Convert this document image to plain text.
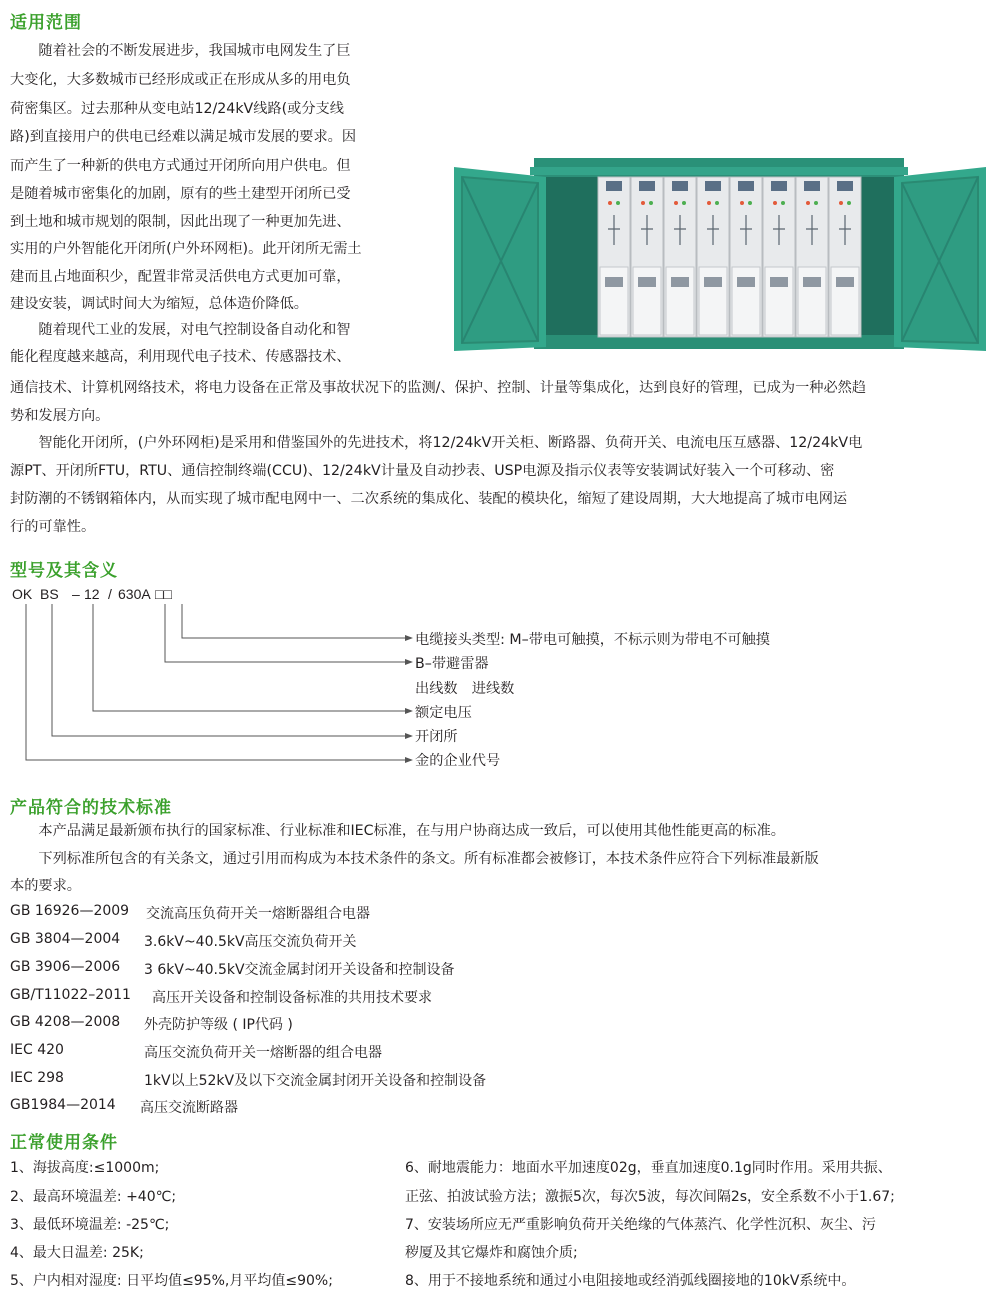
适用范围
　　随着社会的不断发展进步，我国城市电网发生了巨
大变化，大多数城市已经形成或正在形成从多的用电负
荷密集区。过去那种从变电站12/24kV线路(或分支线
路)到直接用户的供电已经难以满足城市发展的要求。因
而产生了一种新的供电方式通过开闭所向用户供电。但
是随着城市密集化的加剧，原有的些土建型开闭所已受
到土地和城市规划的限制，因此出现了一种更加先进、
实用的户外智能化开闭所(户外环网柜)。此开闭所无需土
建而且占地面积少，配置非常灵活供电方式更加可靠，
建设安装，调试时间大为缩短，总体造价降低。
　　随着现代工业的发展，对电气控制设备自动化和智
能化程度越来越高，利用现代电子技术、传感器技术、
通信技术、计算机网络技术，将电力设备在正常及事故状况下的监测/、保护、控制、计量等集成化，达到良好的管理，已成为一种必然趋
势和发展方向。
　　智能化开闭所，(户外环网柜)是采用和借鉴国外的先进技术，将12/24kV开关柜、断路器、负荷开关、电流电压互感器、12/24kV电
源PT、开闭所FTU，RTU、通信控制终端(CCU)、12/24kV计量及自动抄表、USP电源及指示仪表等安装调试好装入一个可移动、密
封防潮的不锈钢箱体内，从而实现了城市配电网中一、二次系统的集成化、装配的模块化，缩短了建设周期，大大地提高了城市电网运
行的可靠性。
型号及其含义
OK BS – 12 / 630A □□
电缆接头类型: M–带电可触摸，不标示则为带电不可触摸
B–带避雷器
出线数　进线数
额定电压
开闭所
金的企业代号
产品符合的技术标准
　　本产品满足最新颁布执行的国家标准、行业标准和IEC标准，在与用户协商达成一致后，可以使用其他性能更高的标准。
　　下列标准所包含的有关条文，通过引用而构成为本技术条件的条文。所有标准都会被修订，本技术条件应符合下列标准最新版
本的要求。
GB 16926—2009 交流高压负荷开关一熔断器组合电器
GB 3804—2004 3.6kV~40.5kV高压交流负荷开关
GB 3906—2006 3 6kV~40.5kV交流金属封闭开关设备和控制设备
GB/T11022–2011 高压开关设备和控制设备标准的共用技术要求
GB 4208—2008 外壳防护等级 ( IP代码 )
IEC 420	高压交流负荷开关一熔断器的组合电器
IEC 298	1kV以上52kV及以下交流金属封闭开关设备和控制设备
GB1984—2014 高压交流断路器
正常使用条件
1、海拔高度:≤1000m;
2、最高环境温差: +40℃;
3、最低环境温差: -25℃;
4、最大日温差: 25K;
5、户内相对湿度: 日平均值≤95%,月平均值≤90%;
6、耐地震能力：地面水平加速度02g，垂直加速度0.1g同时作用。采用共振、
正弦、拍波试验方法；激振5次，每次5波，每次间隔2s，安全系数不小于1.67;
7、安装场所应无严重影响负荷开关绝缘的气体蒸汽、化学性沉积、灰尘、污
秽厦及其它爆炸和腐蚀介质;
8、用于不接地系统和通过小电阻接地或经消弧线圈接地的10kV系统中。
